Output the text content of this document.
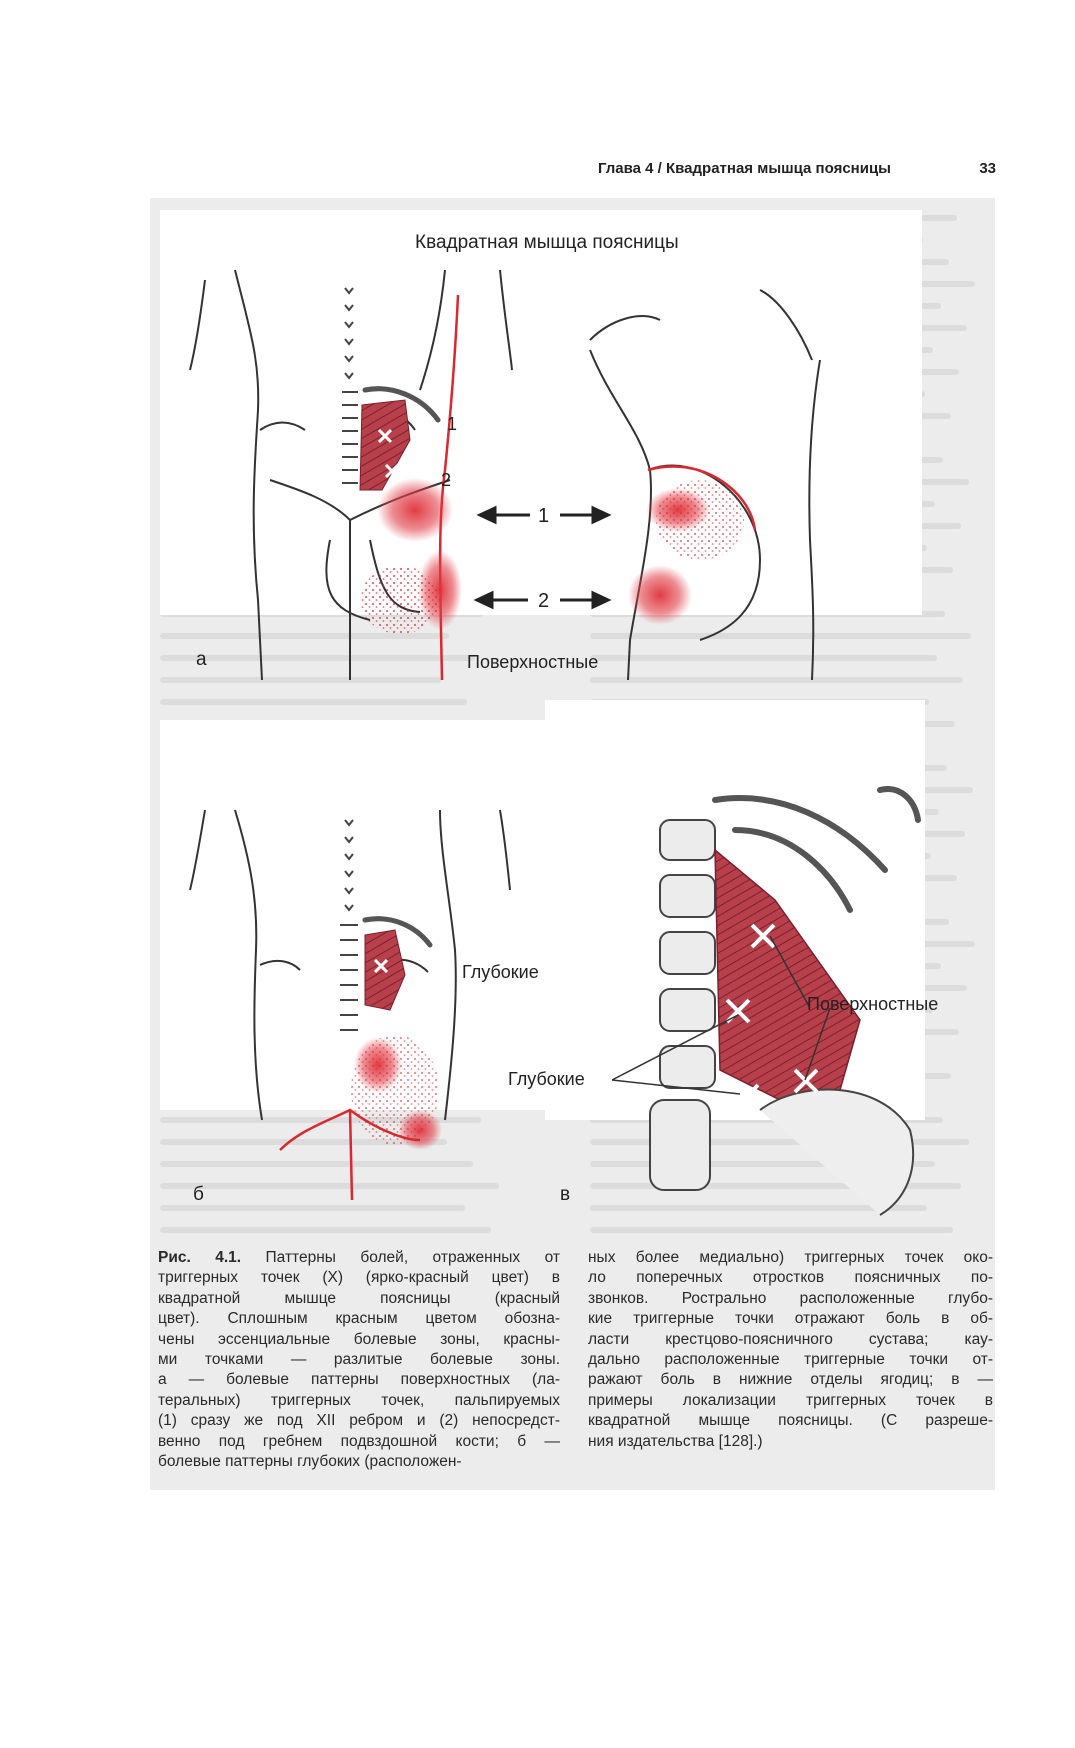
Глава 4 / Квадратная мышца поясницы	33
Квадратная мышца поясницы
1
2
1
2
а	Поверхностные
Глубокие
б	в
Поверхностные
Глубокие

Рис. 4.1. Паттерны болей, отраженных от

триггерных точек (X) (ярко-красный цвет) в

квадратной мышце поясницы (красный

цвет). Сплошным красным цветом обозна-

чены эссенциальные болевые зоны, красны-

ми точками — разлитые болевые зоны.

а — болевые паттерны поверхностных (ла-

теральных) триггерных точек, пальпируемых

(1) сразу же под XII ребром и (2) непосредст-

венно под гребнем подвздошной кости; б —

болевые паттерны глубоких (расположен-

ных более медиально) триггерных точек око-

ло поперечных отростков поясничных по-

звонков. Рострально расположенные глубо-

кие триггерные точки отражают боль в об-

ласти крестцово-поясничного сустава; кау-

дально расположенные триггерные точки от-

ражают боль в нижние отделы ягодиц; в —

примеры локализации триггерных точек в

квадратной мышце поясницы. (С разреше-

ния издательства [128].)
